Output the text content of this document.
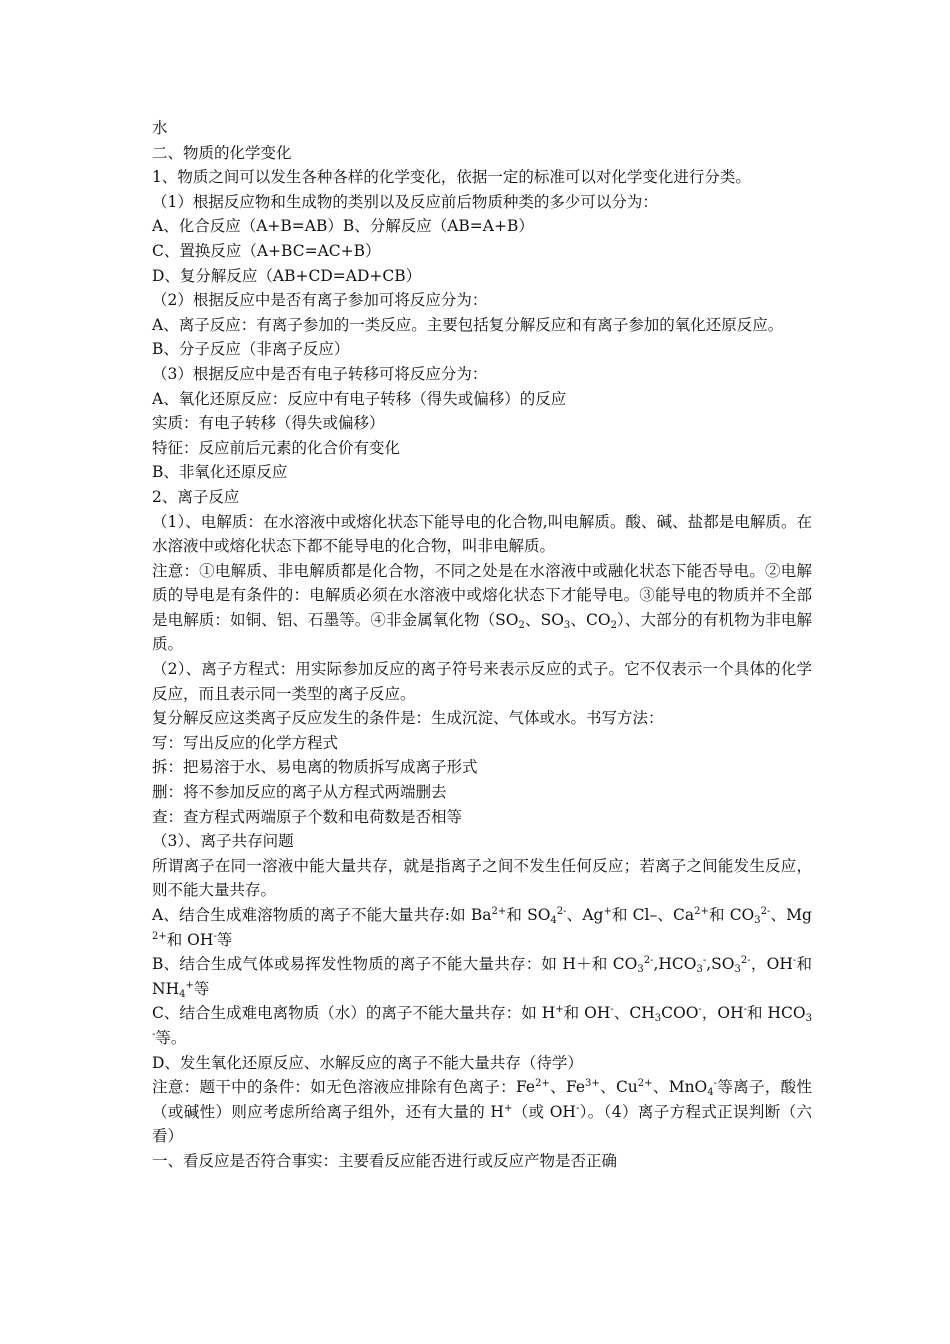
水
二、物质的化学变化
1、物质之间可以发生各种各样的化学变化，依据一定的标准可以对化学变化进行分类。
（1）根据反应物和生成物的类别以及反应前后物质种类的多少可以分为：
A、化合反应（A+B=AB）B、分解反应（AB=A+B）
C、置换反应（A+BC=AC+B）
D、复分解反应（AB+CD=AD+CB）
（2）根据反应中是否有离子参加可将反应分为：
A、离子反应：有离子参加的一类反应。主要包括复分解反应和有离子参加的氧化还原反应。
B、分子反应（非离子反应）
（3）根据反应中是否有电子转移可将反应分为：
A、氧化还原反应：反应中有电子转移（得失或偏移）的反应
实质：有电子转移（得失或偏移）
特征：反应前后元素的化合价有变化
B、非氧化还原反应
2、离子反应
（1）、电解质：在水溶液中或熔化状态下能导电的化合物,叫电解质。酸、碱、盐都是电解质。在水溶液中或熔化状态下都不能导电的化合物，叫非电解质。
注意：①电解质、非电解质都是化合物，不同之处是在水溶液中或融化状态下能否导电。②电解质的导电是有条件的：电解质必须在水溶液中或熔化状态下才能导电。③能导电的物质并不全部是电解质：如铜、铝、石墨等。④非金属氧化物（$SO_2$、$SO_3$、$CO_2$）、大部分的有机物为非电解质。
（2）、离子方程式：用实际参加反应的离子符号来表示反应的式子。它不仅表示一个具体的化学反应，而且表示同一类型的离子反应。
复分解反应这类离子反应发生的条件是：生成沉淀、气体或水。书写方法：
写：写出反应的化学方程式
拆：把易溶于水、易电离的物质拆写成离子形式
删：将不参加反应的离子从方程式两端删去
查：查方程式两端原子个数和电荷数是否相等
（3）、离子共存问题
所谓离子在同一溶液中能大量共存，就是指离子之间不发生任何反应；若离子之间能发生反应，则不能大量共存。
A、结合生成难溶物质的离子不能大量共存:如 $Ba^{2+}$和 $SO_4^{2-}$、Ag+和 Cl–、$Ca^{2+}$和 $CO_3^{2-}$、$Mg^{2+}$和 OH-等
B、结合生成气体或易挥发性物质的离子不能大量共存：如 H＋和 $CO_3^{2-},HCO_3^-,SO_3^{2-}$，OH-和 $NH_4^+$等
C、结合生成难电离物质（水）的离子不能大量共存：如 H+和 OH-、$CH_3COO^-$，OH-和 $HCO_3^-$等。
D、发生氧化还原反应、水解反应的离子不能大量共存（待学）
注意：题干中的条件：如无色溶液应排除有色离子：$Fe^{2+}$、$Fe^{3+}$、$Cu^{2+}$、MnO$_4$-等离子，酸性（或碱性）则应考虑所给离子组外，还有大量的 H+（或 OH-）。（4）离子方程式正误判断（六看）
一、看反应是否符合事实：主要看反应能否进行或反应产物是否正确
